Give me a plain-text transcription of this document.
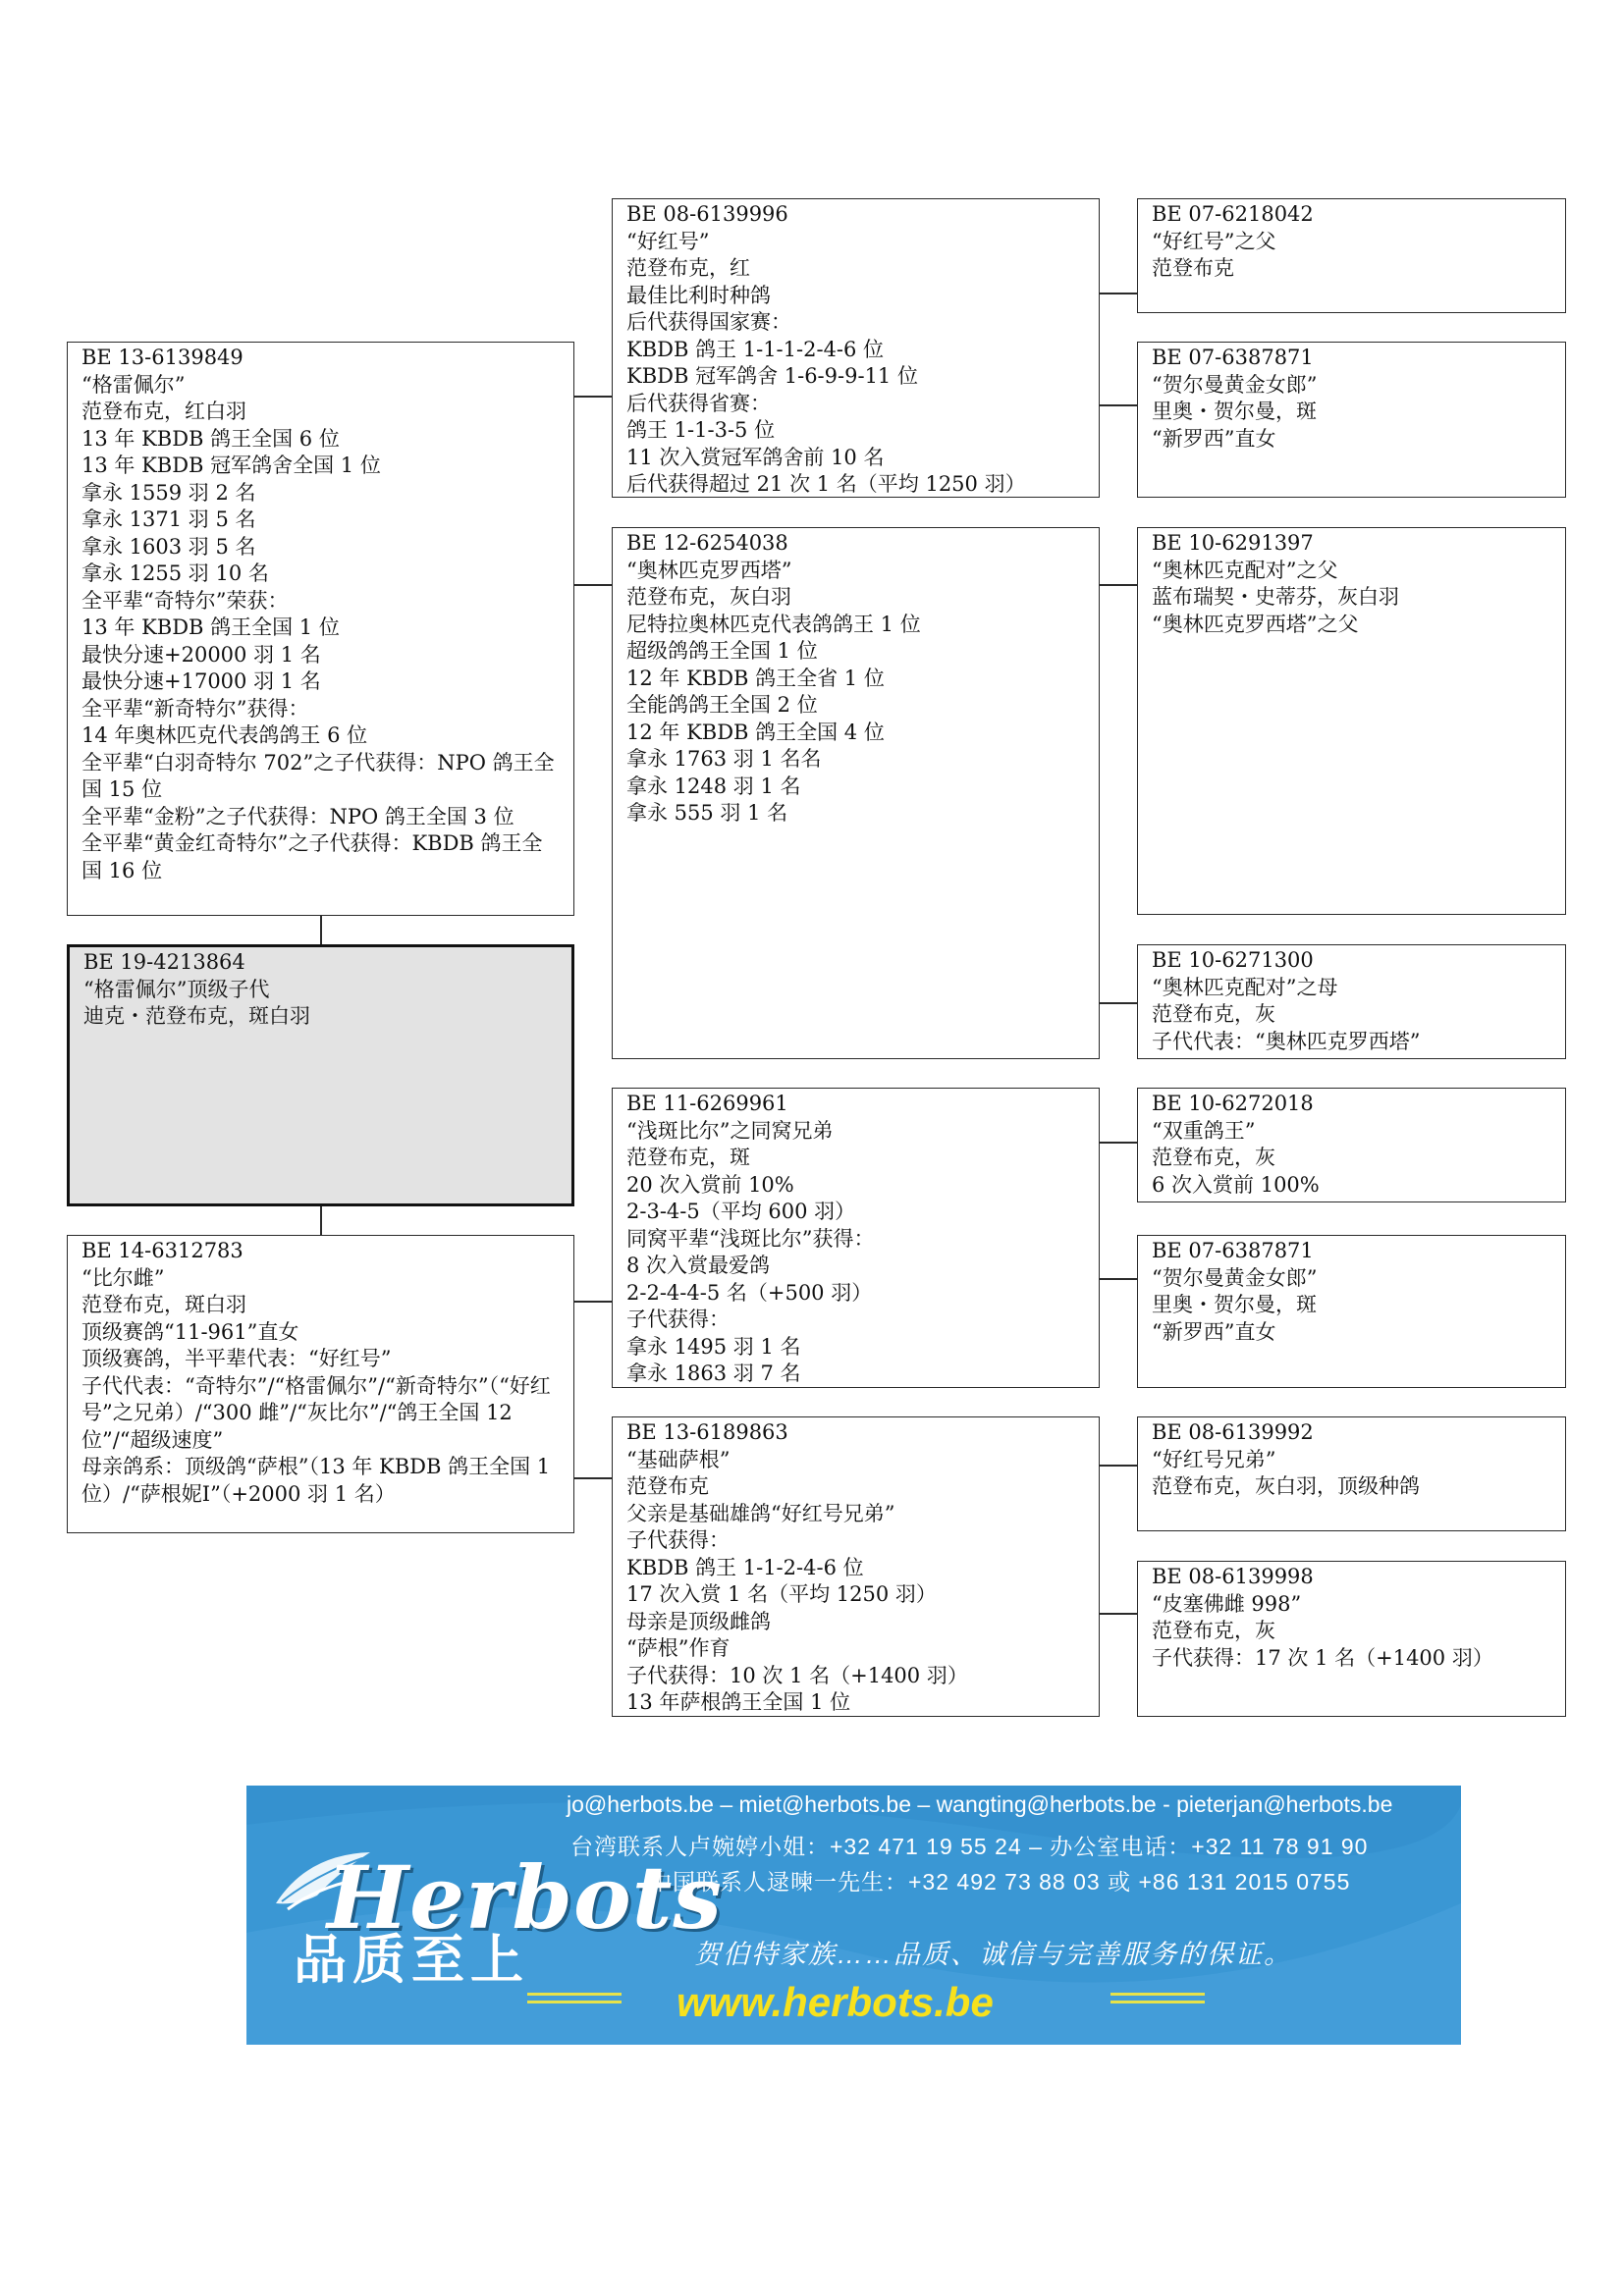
BE 13-6139849
“格雷佩尔”
范登布克，红白羽
13 年 KBDB 鸽王全国 6 位
13 年 KBDB 冠军鸽舍全国 1 位
拿永 1559 羽 2 名
拿永 1371 羽 5 名
拿永 1603 羽 5 名
拿永 1255 羽 10 名
全平辈“奇特尔”荣获：
13 年 KBDB 鸽王全国 1 位
最快分速+20000 羽 1 名
最快分速+17000 羽 1 名
全平辈“新奇特尔”获得：
14 年奥林匹克代表鸽鸽王 6 位
全平辈“白羽奇特尔 702”之子代获得：NPO 鸽王全国 15 位
全平辈“金粉”之子代获得：NPO 鸽王全国 3 位
全平辈“黄金红奇特尔”之子代获得：KBDB 鸽王全国 16 位
BE 19-4213864
“格雷佩尔”顶级子代
迪克・范登布克，斑白羽
BE 14-6312783
“比尔雌”
范登布克，斑白羽
顶级赛鸽“11-961”直女
顶级赛鸽，半平辈代表：“好红号”
子代代表：“奇特尔”/“格雷佩尔”/“新奇特尔”（“好红号”之兄弟）/“300 雌”/“灰比尔”/“鸽王全国 12 位”/“超级速度”
母亲鸽系：顶级鸽“萨根”（13 年 KBDB 鸽王全国 1 位）/“萨根妮Ⅰ”（+2000 羽 1 名）
BE 08-6139996
“好红号”
范登布克，红
最佳比利时种鸽
后代获得国家赛：
KBDB 鸽王 1-1-1-2-4-6 位
KBDB 冠军鸽舍 1-6-9-9-11 位
后代获得省赛：
鸽王 1-1-3-5 位
11 次入赏冠军鸽舍前 10 名
后代获得超过 21 次 1 名（平均 1250 羽）
BE 12-6254038
“奥林匹克罗西塔”
范登布克，灰白羽
尼特拉奥林匹克代表鸽鸽王 1 位
超级鸽鸽王全国 1 位
12 年 KBDB 鸽王全省 1 位
全能鸽鸽王全国 2 位
12 年 KBDB 鸽王全国 4 位
拿永 1763 羽 1 名名
拿永 1248 羽 1 名
拿永 555 羽 1 名
BE 11-6269961
“浅斑比尔”之同窝兄弟
范登布克，斑
20 次入赏前 10%
2-3-4-5（平均 600 羽）
同窝平辈“浅斑比尔”获得：
8 次入赏最爱鸽
2-2-4-4-5 名（+500 羽）
子代获得：
拿永 1495 羽 1 名
拿永 1863 羽 7 名
BE 13-6189863
“基础萨根”
范登布克
父亲是基础雄鸽“好红号兄弟”
子代获得：
KBDB 鸽王 1-1-2-4-6 位
17 次入赏 1 名（平均 1250 羽）
母亲是顶级雌鸽
“萨根”作育
子代获得：10 次 1 名（+1400 羽）
13 年萨根鸽王全国 1 位
BE 07-6218042
“好红号”之父
范登布克
BE 07-6387871
“贺尔曼黄金女郎”
里奥・贺尔曼，斑
“新罗西”直女
BE 10-6291397
“奥林匹克配对”之父
蓝布瑞契・史蒂芬，灰白羽
“奥林匹克罗西塔”之父
BE 10-6271300
“奥林匹克配对”之母
范登布克，灰
子代代表：“奥林匹克罗西塔”
BE 10-6272018
“双重鸽王”
范登布克，灰
6 次入赏前 100%
BE 07-6387871
“贺尔曼黄金女郎”
里奥・贺尔曼，斑
“新罗西”直女
BE 08-6139992
“好红号兄弟”
范登布克，灰白羽，顶级种鸽
BE 08-6139998
“皮塞佛雌 998”
范登布克，灰
子代获得：17 次 1 名（+1400 羽）
Herbots
品质至上
jo@herbots.be – miet@herbots.be – wangting@herbots.be - pieterjan@herbots.be
台湾联系人卢婉婷小姐：+32 471 19 55 24 – 办公室电话：+32 11 78 91 90
中国联系人逯暕一先生：+32 492 73 88 03 或 +86 131 2015 0755
贺伯特家族……品质、诚信与完善服务的保证。
www.herbots.be
